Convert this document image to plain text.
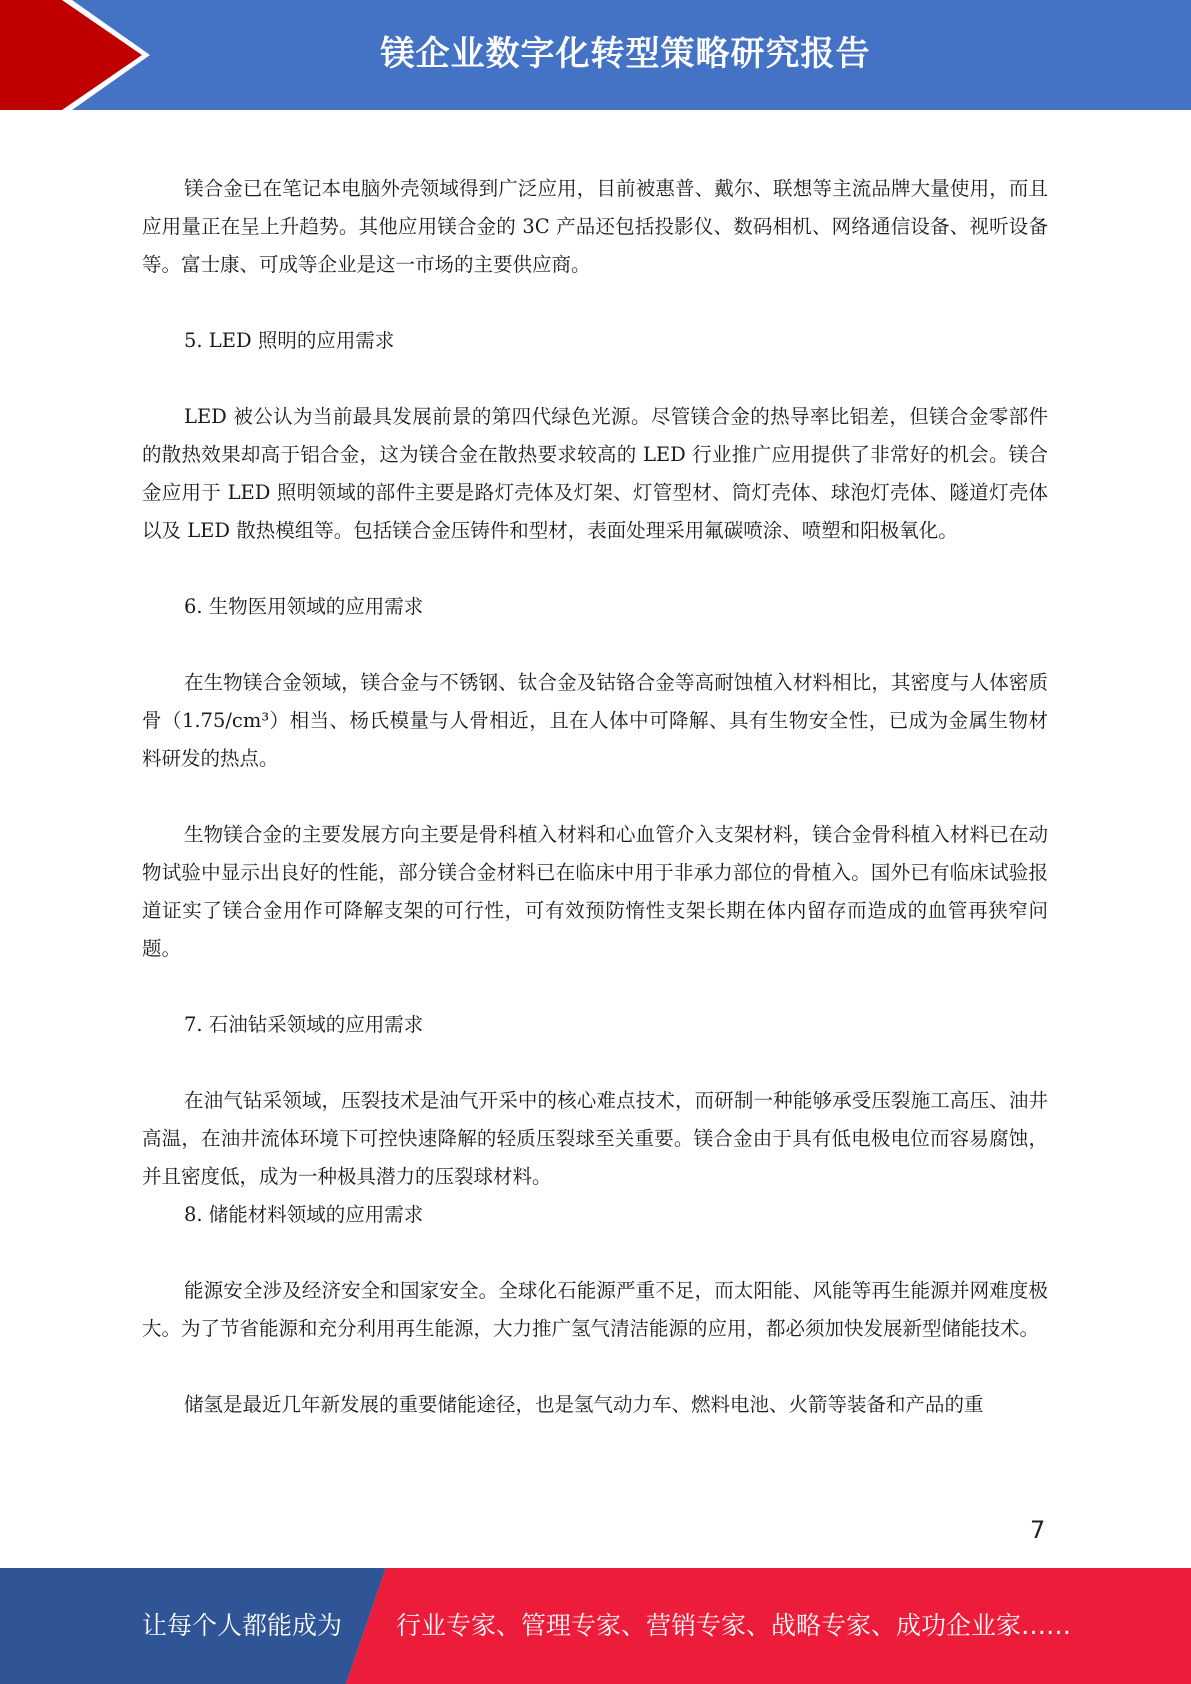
镁企业数字化转型策略研究报告

镁合金已在笔记本电脑外壳领域得到广泛应用，目前被惠普、戴尔、联想等主流品牌大量使用，而且应用量正在呈上升趋势。其他应用镁合金的 3C 产品还包括投影仪、数码相机、网络通信设备、视听设备等。富士康、可成等企业是这一市场的主要供应商。

5. LED 照明的应用需求

LED 被公认为当前最具发展前景的第四代绿色光源。尽管镁合金的热导率比铝差，但镁合金零部件的散热效果却高于铝合金，这为镁合金在散热要求较高的 LED 行业推广应用提供了非常好的机会。镁合金应用于 LED 照明领域的部件主要是路灯壳体及灯架、灯管型材、筒灯壳体、球泡灯壳体、隧道灯壳体以及 LED 散热模组等。包括镁合金压铸件和型材，表面处理采用氟碳喷涂、喷塑和阳极氧化。

6. 生物医用领域的应用需求

在生物镁合金领域，镁合金与不锈钢、钛合金及钴铬合金等高耐蚀植入材料相比，其密度与人体密质骨（1.75/cm³）相当、杨氏模量与人骨相近，且在人体中可降解、具有生物安全性，已成为金属生物材料研发的热点。

生物镁合金的主要发展方向主要是骨科植入材料和心血管介入支架材料，镁合金骨科植入材料已在动物试验中显示出良好的性能，部分镁合金材料已在临床中用于非承力部位的骨植入。国外已有临床试验报道证实了镁合金用作可降解支架的可行性，可有效预防惰性支架长期在体内留存而造成的血管再狭窄问题。

7. 石油钻采领域的应用需求

在油气钻采领域，压裂技术是油气开采中的核心难点技术，而研制一种能够承受压裂施工高压、油井高温，在油井流体环境下可控快速降解的轻质压裂球至关重要。镁合金由于具有低电极电位而容易腐蚀，并且密度低，成为一种极具潜力的压裂球材料。

8. 储能材料领域的应用需求

能源安全涉及经济安全和国家安全。全球化石能源严重不足，而太阳能、风能等再生能源并网难度极大。为了节省能源和充分利用再生能源，大力推广氢气清洁能源的应用，都必须加快发展新型储能技术。

储氢是最近几年新发展的重要储能途径，也是氢气动力车、燃料电池、火箭等装备和产品的重

7
让每个人都能成为 行业专家、管理专家、营销专家、战略专家、成功企业家……
